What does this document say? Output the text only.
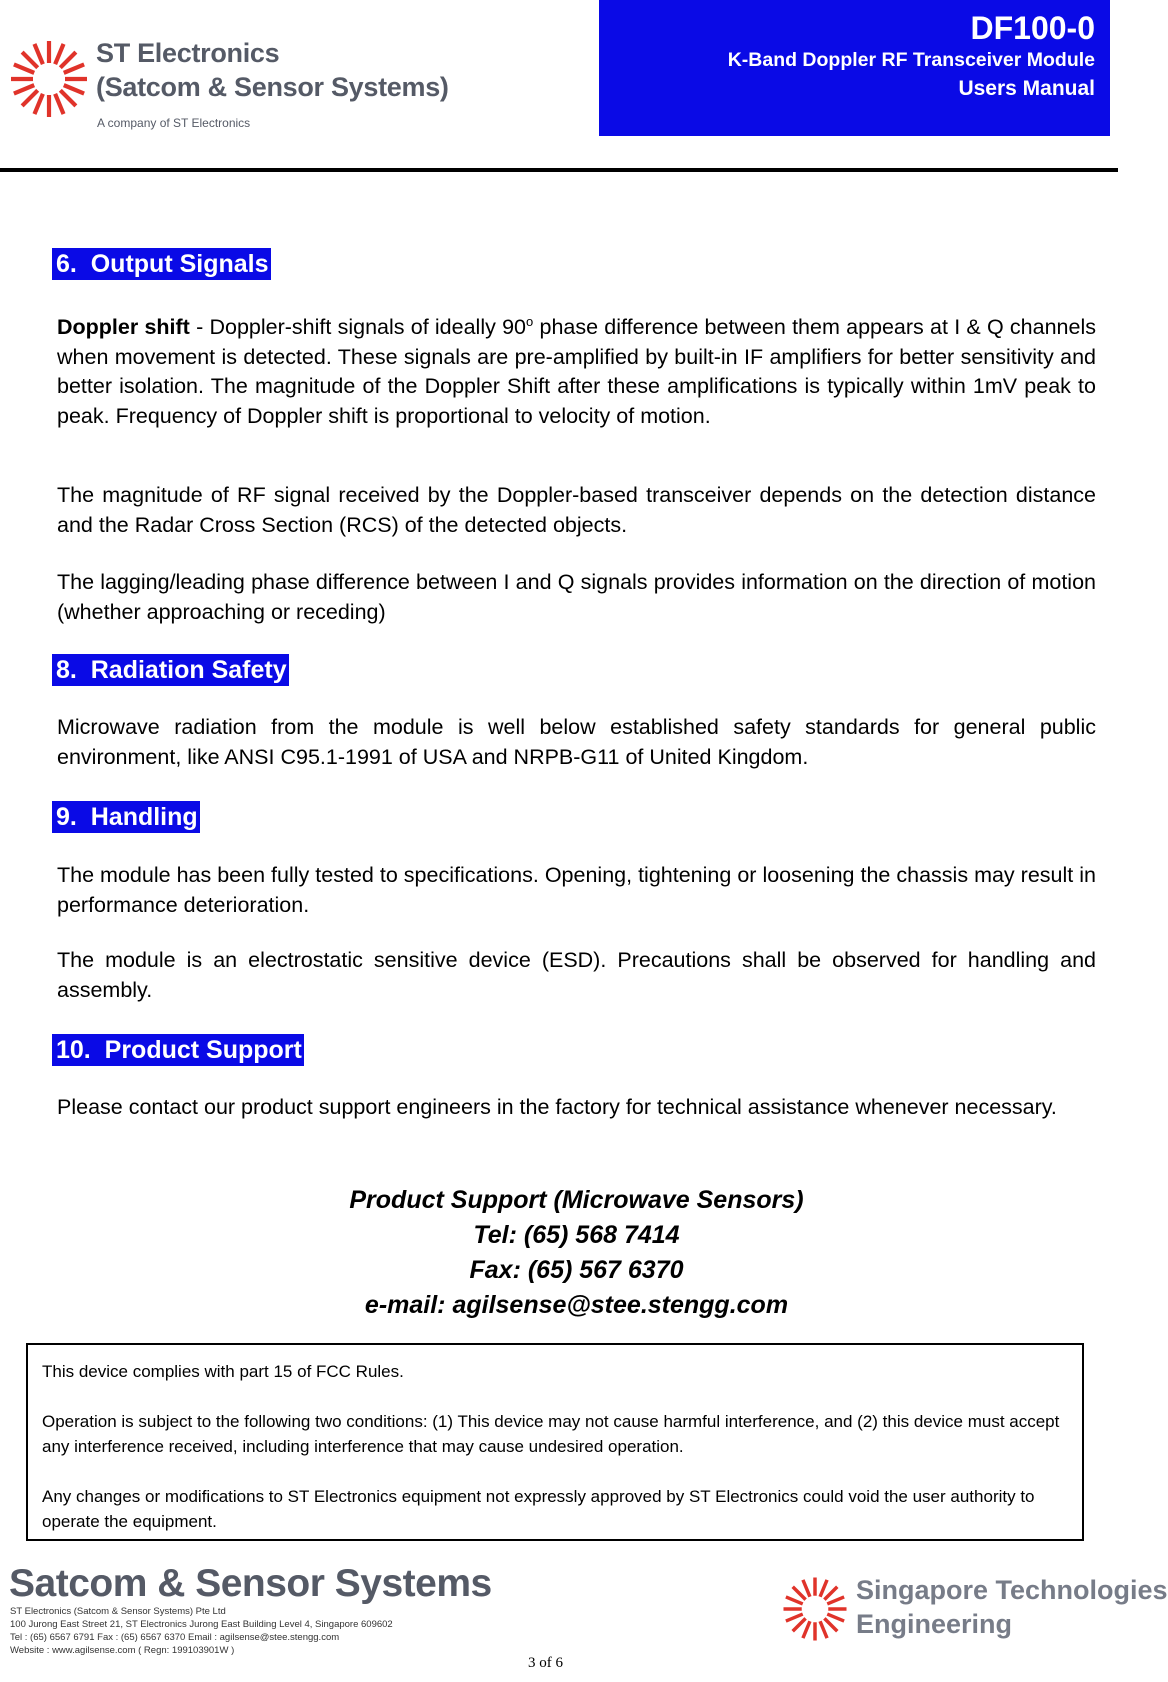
ST Electronics
(Satcom & Sensor Systems)
A company of ST Electronics
DF100-0
K-Band Doppler RF Transceiver Module
Users Manual
6.  Output Signals
Doppler shift - Doppler-shift signals of ideally 90$^o$ phase difference between them appears at I & Q channels when movement is detected. These signals are pre-amplified by built-in IF amplifiers for better sensitivity and better isolation. The magnitude of the Doppler Shift after these amplifications is typically within 1mV peak to peak. Frequency of Doppler shift is proportional to velocity of motion.
The magnitude of RF signal received by the Doppler-based transceiver depends on the detection distance and the Radar Cross Section (RCS) of the detected objects.
The lagging/leading phase difference between I and Q signals provides information on the direction of motion (whether approaching or receding)
8.  Radiation Safety
Microwave radiation from the module is well below established safety standards for general public environment, like ANSI C95.1-1991 of USA and NRPB-G11 of United Kingdom.
9.  Handling
The module has been fully tested to specifications. Opening, tightening or loosening the chassis may result in performance deterioration.
The module is an electrostatic sensitive device (ESD). Precautions shall be observed for handling and assembly.
10.  Product Support
Please contact our product support engineers in the factory for technical assistance whenever necessary.
Product Support (Microwave Sensors)
Tel: (65) 568 7414
Fax: (65) 567 6370
e-mail: agilsense@stee.stengg.com

This device complies with part 15 of FCC Rules.

Operation is subject to the following two conditions: (1) This device may not cause harmful interference, and (2) this device must accept any interference received, including interference that may cause undesired operation.

Any changes or modifications to ST Electronics equipment not expressly approved by ST Electronics could void the user authority to operate the equipment.

Satcom & Sensor Systems
ST Electronics (Satcom & Sensor Systems) Pte Ltd
100 Jurong East Street 21, ST Electronics Jurong East Building Level 4, Singapore 609602
Tel : (65) 6567 6791 Fax : (65) 6567 6370 Email : agilsense@stee.stengg.com
Website : www.agilsense.com ( Regn: 199103901W )
Singapore Technologies
Engineering
3 of 6
